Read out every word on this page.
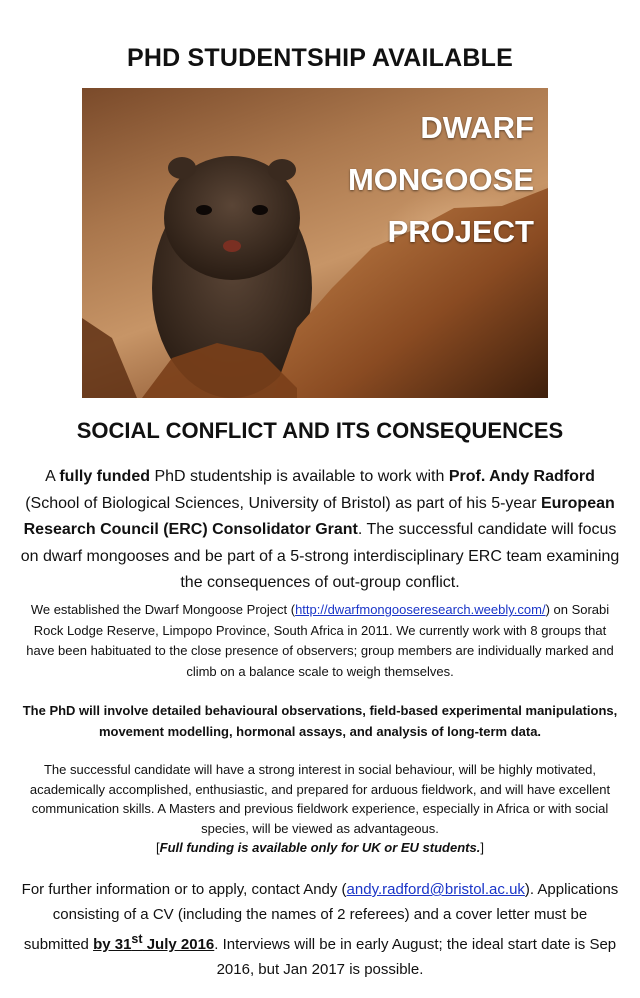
PHD STUDENTSHIP AVAILABLE
DWARF
MONGOOSE
PROJECT
SOCIAL CONFLICT AND ITS CONSEQUENCES
A fully funded PhD studentship is available to work with Prof. Andy Radford (School of Biological Sciences, University of Bristol) as part of his 5-year European Research Council (ERC) Consolidator Grant. The successful candidate will focus on dwarf mongooses and be part of a 5-strong interdisciplinary ERC team examining the consequences of out-group conflict.
We established the Dwarf Mongoose Project (http://dwarfmongooseresearch.weebly.com/) on Sorabi Rock Lodge Reserve, Limpopo Province, South Africa in 2011. We currently work with 8 groups that have been habituated to the close presence of observers; group members are individually marked and climb on a balance scale to weigh themselves.
The PhD will involve detailed behavioural observations, field-based experimental manipulations, movement modelling, hormonal assays, and analysis of long-term data.
The successful candidate will have a strong interest in social behaviour, will be highly motivated, academically accomplished, enthusiastic, and prepared for arduous fieldwork, and will have excellent communication skills. A Masters and previous fieldwork experience, especially in Africa or with social species, will be viewed as advantageous.
[Full funding is available only for UK or EU students.]
For further information or to apply, contact Andy (andy.radford@bristol.ac.uk). Applications consisting of a CV (including the names of 2 referees) and a cover letter must be submitted by 31st July 2016. Interviews will be in early August; the ideal start date is Sep 2016, but Jan 2017 is possible.
